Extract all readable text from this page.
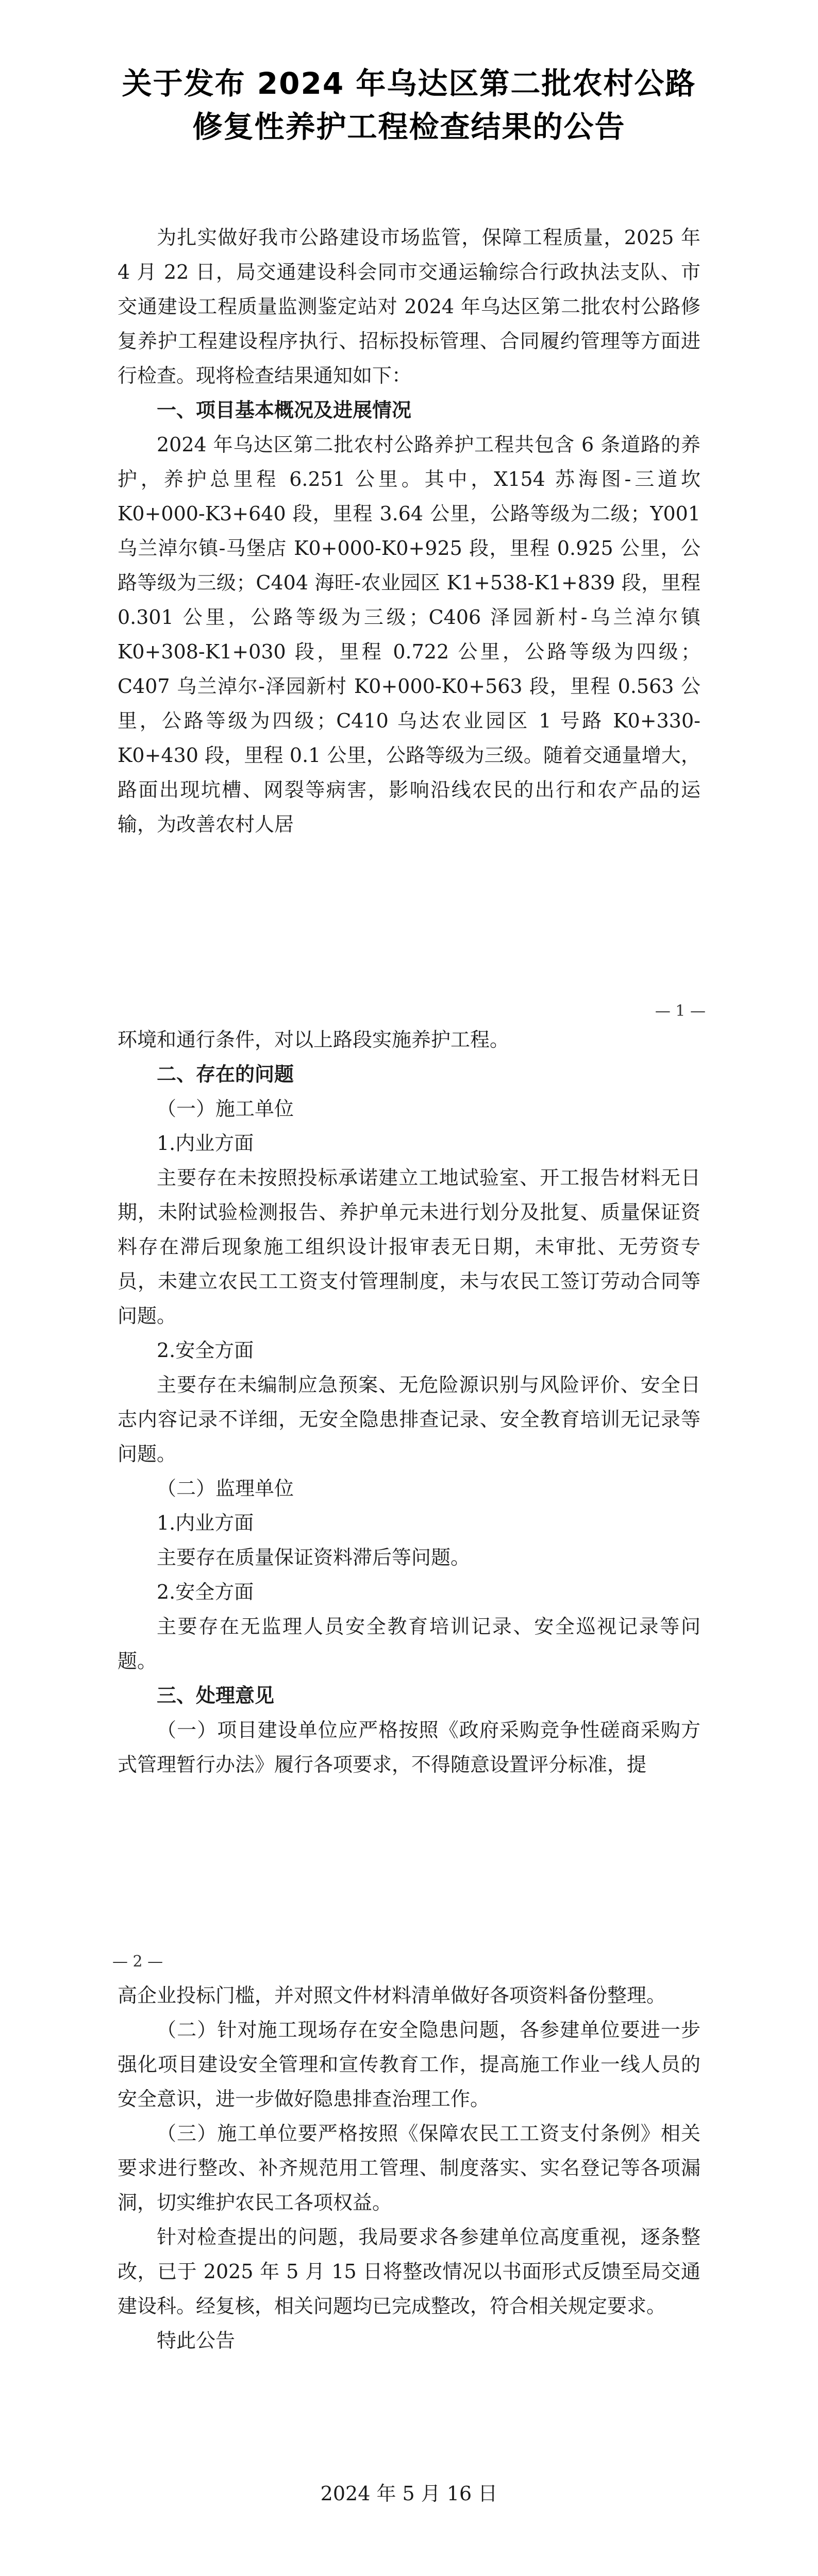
关于发布 2024 年乌达区第二批农村公路
修复性养护工程检查结果的公告

为扎实做好我市公路建设市场监管，保障工程质量，2025 年 4 月 22 日，局交通建设科会同市交通运输综合行政执法支队、市交通建设工程质量监测鉴定站对 2024 年乌达区第二批农村公路修复养护工程建设程序执行、招标投标管理、合同履约管理等方面进行检查。现将检查结果通知如下：

一、项目基本概况及进展情况

2024 年乌达区第二批农村公路养护工程共包含 6 条道路的养护，养护总里程 6.251 公里。其中，X154 苏海图-三道坎 K0+000-K3+640 段，里程 3.64 公里，公路等级为二级；Y001 乌兰淖尔镇-马堡店 K0+000-K0+925 段，里程 0.925 公里，公路等级为三级；C404 海旺-农业园区 K1+538-K1+839 段，里程 0.301 公里，公路等级为三级；C406 泽园新村-乌兰淖尔镇 K0+308-K1+030 段，里程 0.722 公里，公路等级为四级；C407 乌兰淖尔-泽园新村 K0+000-K0+563 段，里程 0.563 公里，公路等级为四级；C410 乌达农业园区 1 号路 K0+330-K0+430 段，里程 0.1 公里，公路等级为三级。随着交通量增大，路面出现坑槽、网裂等病害，影响沿线农民的出行和农产品的运输，为改善农村人居

— 1 —

环境和通行条件，对以上路段实施养护工程。

二、存在的问题

（一）施工单位

1.内业方面

主要存在未按照投标承诺建立工地试验室、开工报告材料无日期，未附试验检测报告、养护单元未进行划分及批复、质量保证资料存在滞后现象施工组织设计报审表无日期，未审批、无劳资专员，未建立农民工工资支付管理制度，未与农民工签订劳动合同等问题。

2.安全方面

主要存在未编制应急预案、无危险源识别与风险评价、安全日志内容记录不详细，无安全隐患排查记录、安全教育培训无记录等问题。

（二）监理单位

1.内业方面

主要存在质量保证资料滞后等问题。

2.安全方面

主要存在无监理人员安全教育培训记录、安全巡视记录等问题。

三、处理意见

（一）项目建设单位应严格按照《政府采购竞争性磋商采购方式管理暂行办法》履行各项要求，不得随意设置评分标准，提

— 2 —

高企业投标门槛，并对照文件材料清单做好各项资料备份整理。

（二）针对施工现场存在安全隐患问题，各参建单位要进一步强化项目建设安全管理和宣传教育工作，提高施工作业一线人员的安全意识，进一步做好隐患排查治理工作。

（三）施工单位要严格按照《保障农民工工资支付条例》相关要求进行整改、补齐规范用工管理、制度落实、实名登记等各项漏洞，切实维护农民工各项权益。

针对检查提出的问题，我局要求各参建单位高度重视，逐条整改，已于 2025 年 5 月 15 日将整改情况以书面形式反馈至局交通建设科。经复核，相关问题均已完成整改，符合相关规定要求。

特此公告

2024 年 5 月 16 日
